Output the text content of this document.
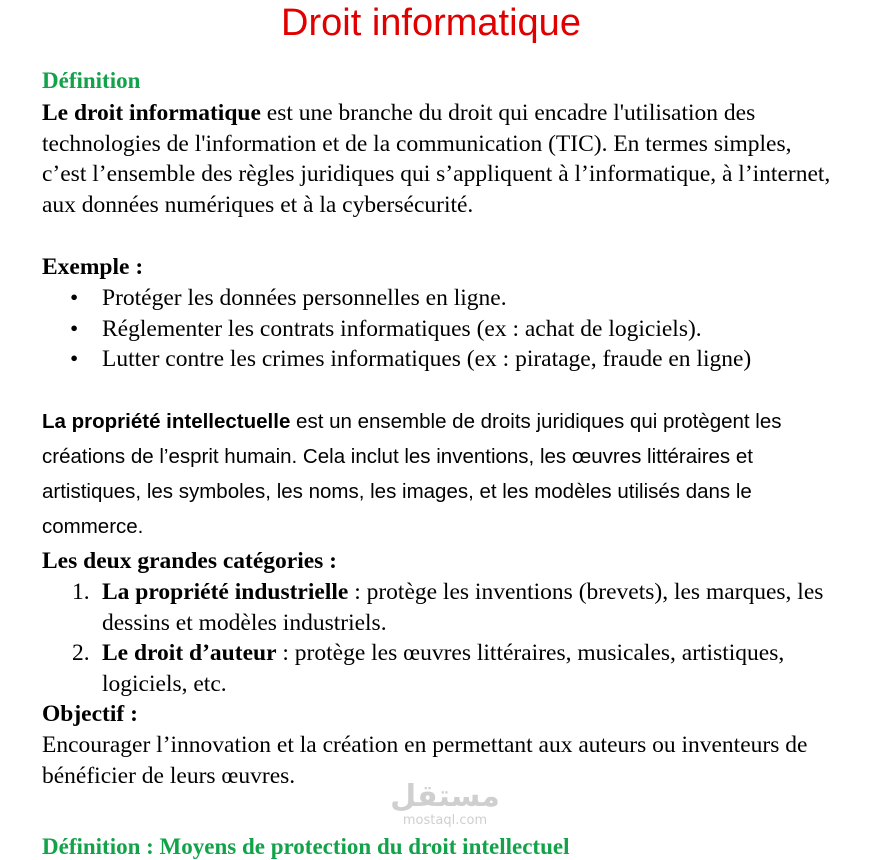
Droit informatique
Définition
Le droit informatique est une branche du droit qui encadre l'utilisation des technologies de l'information et de la communication (TIC). En termes simples, c’est l’ensemble des règles juridiques qui s’appliquent à l’informatique, à l’internet, aux données numériques et à la cybersécurité.
Exemple :
• Protéger les données personnelles en ligne.
• Réglementer les contrats informatiques (ex : achat de logiciels).
• Lutter contre les crimes informatiques (ex : piratage, fraude en ligne)
La propriété intellectuelle est un ensemble de droits juridiques qui protègent les créations de l’esprit humain. Cela inclut les inventions, les œuvres littéraires et artistiques, les symboles, les noms, les images, et les modèles utilisés dans le commerce.
Les deux grandes catégories :
1. La propriété industrielle : protège les inventions (brevets), les marques, les dessins et modèles industriels.
2. Le droit d’auteur : protège les œuvres littéraires, musicales, artistiques, logiciels, etc.
Objectif :
Encourager l’innovation et la création en permettant aux auteurs ou inventeurs de bénéficier de leurs œuvres.
مستقل
mostaql.com
Définition : Moyens de protection du droit intellectuel
